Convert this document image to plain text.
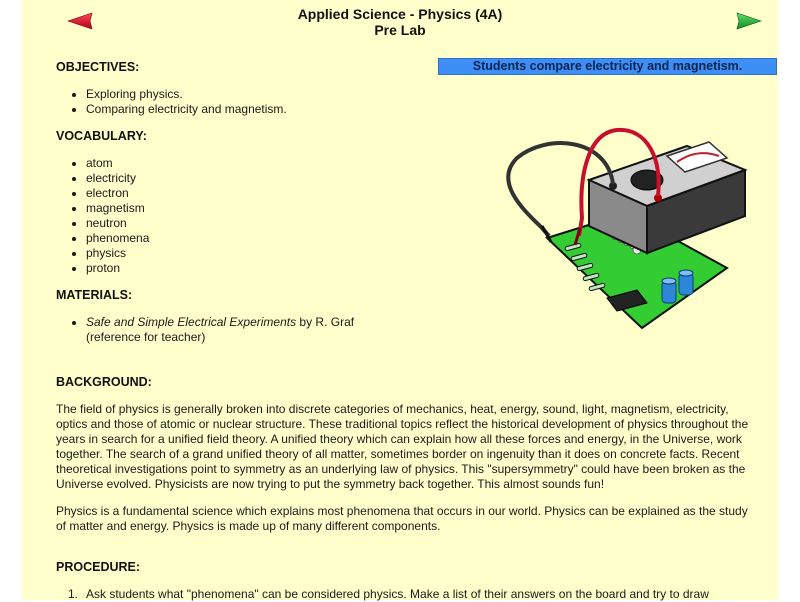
Applied Science - Physics (4A)
Pre Lab
Students compare electricity and magnetism.
OBJECTIVES:
• Exploring physics.
• Comparing electricity and magnetism.
VOCABULARY:
• atom
• electricity
• electron
• magnetism
• neutron
• phenomena
• physics
• proton
MATERIALS:
• Safe and Simple Electrical Experiments by R. Graf
(reference for teacher)
BACKGROUND:

The field of physics is generally broken into discrete categories of mechanics, heat, energy, sound, light, magnetism, electricity, optics and those of atomic or nuclear structure. These traditional topics reflect the historical development of physics throughout the years in search for a unified field theory. A unified theory which can explain how all these forces and energy, in the Universe, work together. The search of a grand unified theory of all matter, sometimes border on ingenuity than it does on concrete facts. Recent theoretical investigations point to symmetry as an underlying law of physics. This "supersymmetry" could have been broken as the Universe evolved. Physicists are now trying to put the symmetry back together. This almost sounds fun!

Physics is a fundamental science which explains most phenomena that occurs in our world. Physics can be explained as the study of matter and energy. Physics is made up of many different components.

PROCEDURE:
1. Ask students what "phenomena" can be considered physics. Make a list of their answers on the board and try to draw
